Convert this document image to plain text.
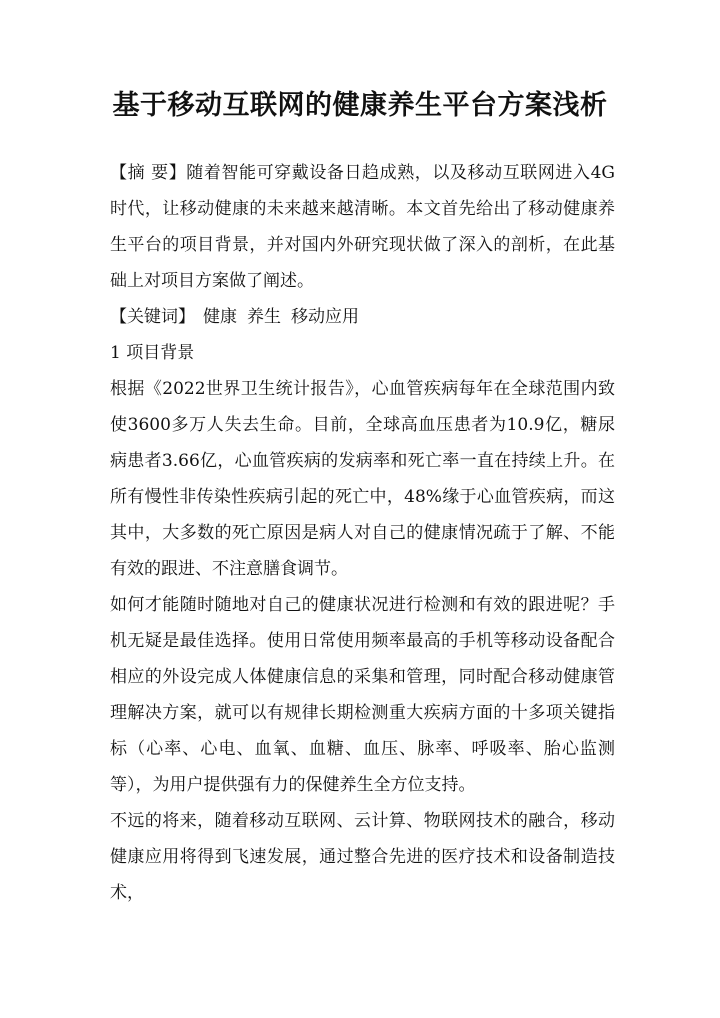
基于移动互联网的健康养生平台方案浅析

【摘 要】随着智能可穿戴设备日趋成熟，以及移动互联网进入4G时代，让移动健康的未来越来越清晰。本文首先给出了移动健康养生平台的项目背景，并对国内外研究现状做了深入的剖析，在此基础上对项目方案做了阐述。

【关键词】 健康 养生 移动应用

1 项目背景

根据《2022世界卫生统计报告》，心血管疾病每年在全球范围内致使3600多万人失去生命。目前，全球高血压患者为10.9亿，糖尿病患者3.66亿，心血管疾病的发病率和死亡率一直在持续上升。在所有慢性非传染性疾病引起的死亡中，48%缘于心血管疾病，而这其中，大多数的死亡原因是病人对自己的健康情况疏于了解、不能有效的跟进、不注意膳食调节。

如何才能随时随地对自己的健康状况进行检测和有效的跟进呢？手机无疑是最佳选择。使用日常使用频率最高的手机等移动设备配合相应的外设完成人体健康信息的采集和管理，同时配合移动健康管理解决方案，就可以有规律长期检测重大疾病方面的十多项关键指标（心率、心电、血氧、血糖、血压、脉率、呼吸率、胎心监测等），为用户提供强有力的保健养生全方位支持。

不远的将来，随着移动互联网、云计算、物联网技术的融合，移动健康应用将得到飞速发展，通过整合先进的医疗技术和设备制造技术，
